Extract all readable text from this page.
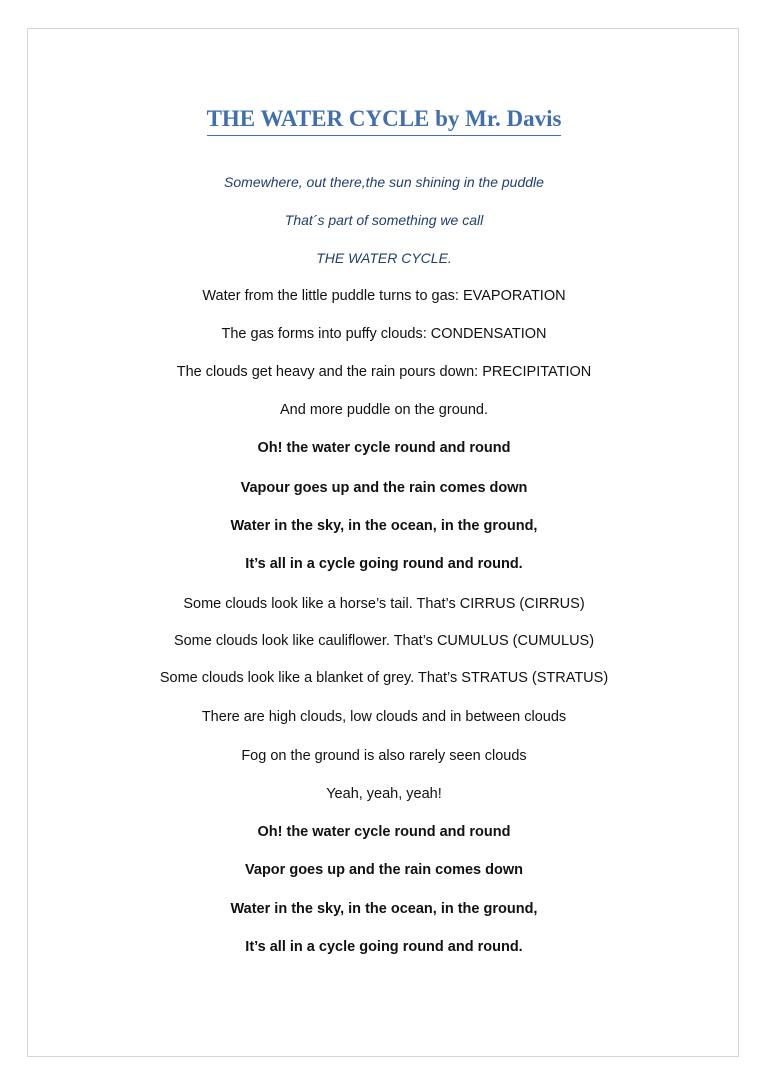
THE WATER CYCLE by Mr. Davis

Somewhere, out there,the sun shining in the puddle

That´s part of something we call

THE WATER CYCLE.

Water from the little puddle turns to gas: EVAPORATION

The gas forms into puffy clouds: CONDENSATION

The clouds get heavy and the rain pours down: PRECIPITATION

And more puddle on the ground.

Oh! the water cycle round and round

Vapour goes up and the rain comes down

Water in the sky, in the ocean, in the ground,

It’s all in a cycle going round and round.

Some clouds look like a horse’s tail. That’s CIRRUS (CIRRUS)

Some clouds look like cauliflower. That’s CUMULUS (CUMULUS)

Some clouds look like a blanket of grey. That’s STRATUS (STRATUS)

There are high clouds, low clouds and in between clouds

Fog on the ground is also rarely seen clouds

Yeah, yeah, yeah!

Oh! the water cycle round and round

Vapor goes up and the rain comes down

Water in the sky, in the ocean, in the ground,

It’s all in a cycle going round and round.
